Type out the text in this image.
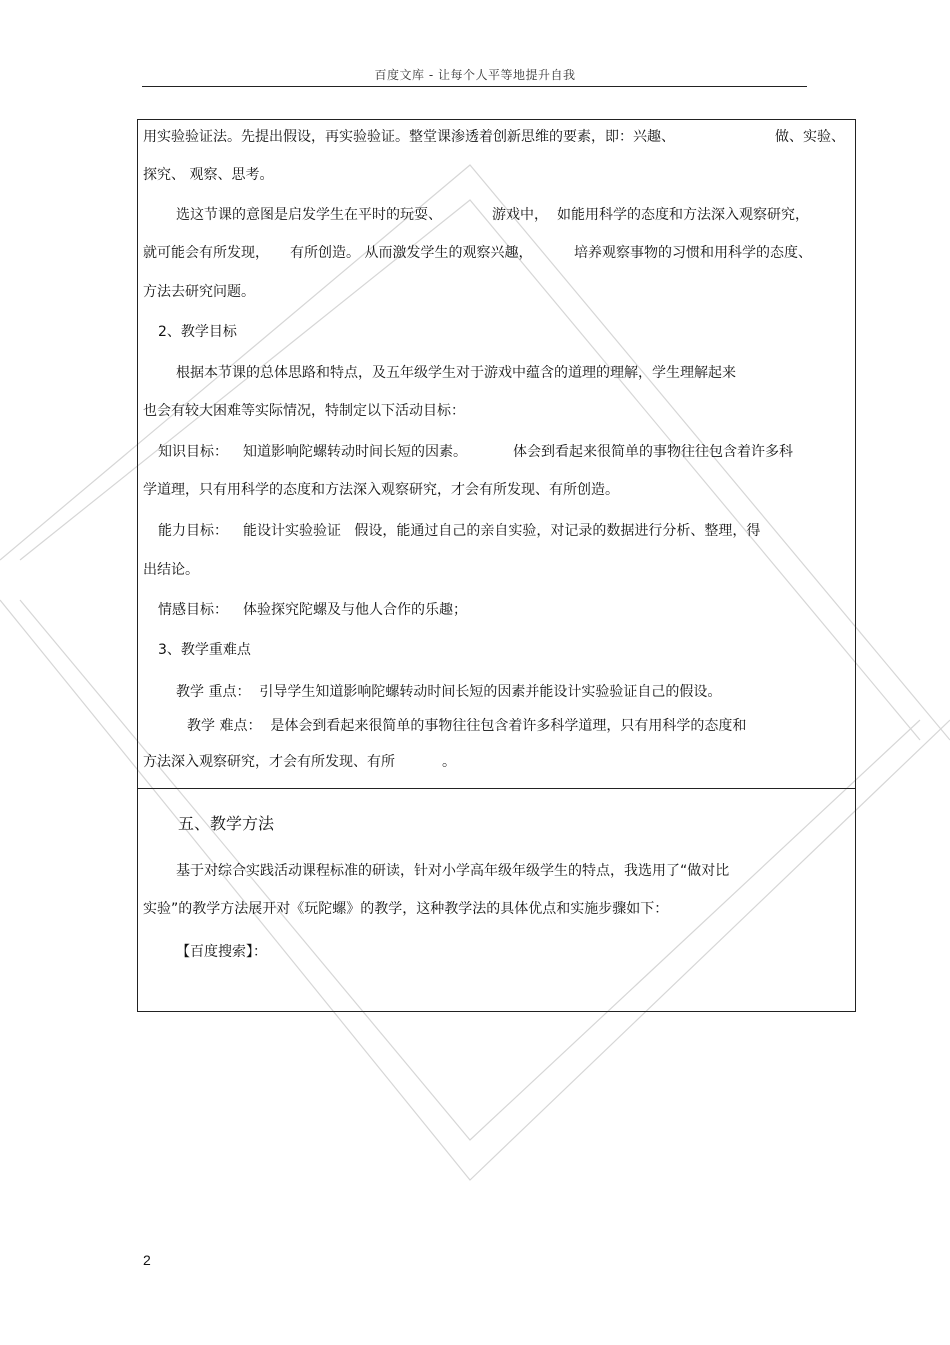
百度文库 - 让每个人平等地提升自我
用实验验证法。先提出假设，再实验验证。整堂课渗透着创新思维的要素，即：兴趣、	做、实验、
探究、 观察、思考。
选这节课的意图是启发学生在平时的玩耍、	游戏中， 如能用科学的态度和方法深入观察研究，
就可能会有所发现， 有所创造。 从而激发学生的观察兴趣，	培养观察事物的习惯和用科学的态度、
方法去研究问题。
2、教学目标
根据本节课的总体思路和特点，及五年级学生对于游戏中蕴含的道理的理解，学生理解起来
也会有较大困难等实际情况，特制定以下活动目标：
知识目标： 知道影响陀螺转动时间长短的因素。	体会到看起来很简单的事物往往包含着许多科
学道理，只有用科学的态度和方法深入观察研究，才会有所发现、有所创造。
能力目标： 能设计实验验证   假设，能通过自己的亲自实验，对记录的数据进行分析、整理，得
出结论。
情感目标： 体验探究陀螺及与他人合作的乐趣；
3、教学重难点
教学 重点：  引导学生知道影响陀螺转动时间长短的因素并能设计实验验证自己的假设。
教学 难点：  是体会到看起来很简单的事物往往包含着许多科学道理，只有用科学的态度和
方法深入观察研究，才会有所发现、有所	。
五、教学方法
基于对综合实践活动课程标准的研读，针对小学高年级年级学生的特点，我选用了“做对比
实验”的教学方法展开对《玩陀螺》的教学，这种教学法的具体优点和实施步骤如下：
【百度搜索】：
2
